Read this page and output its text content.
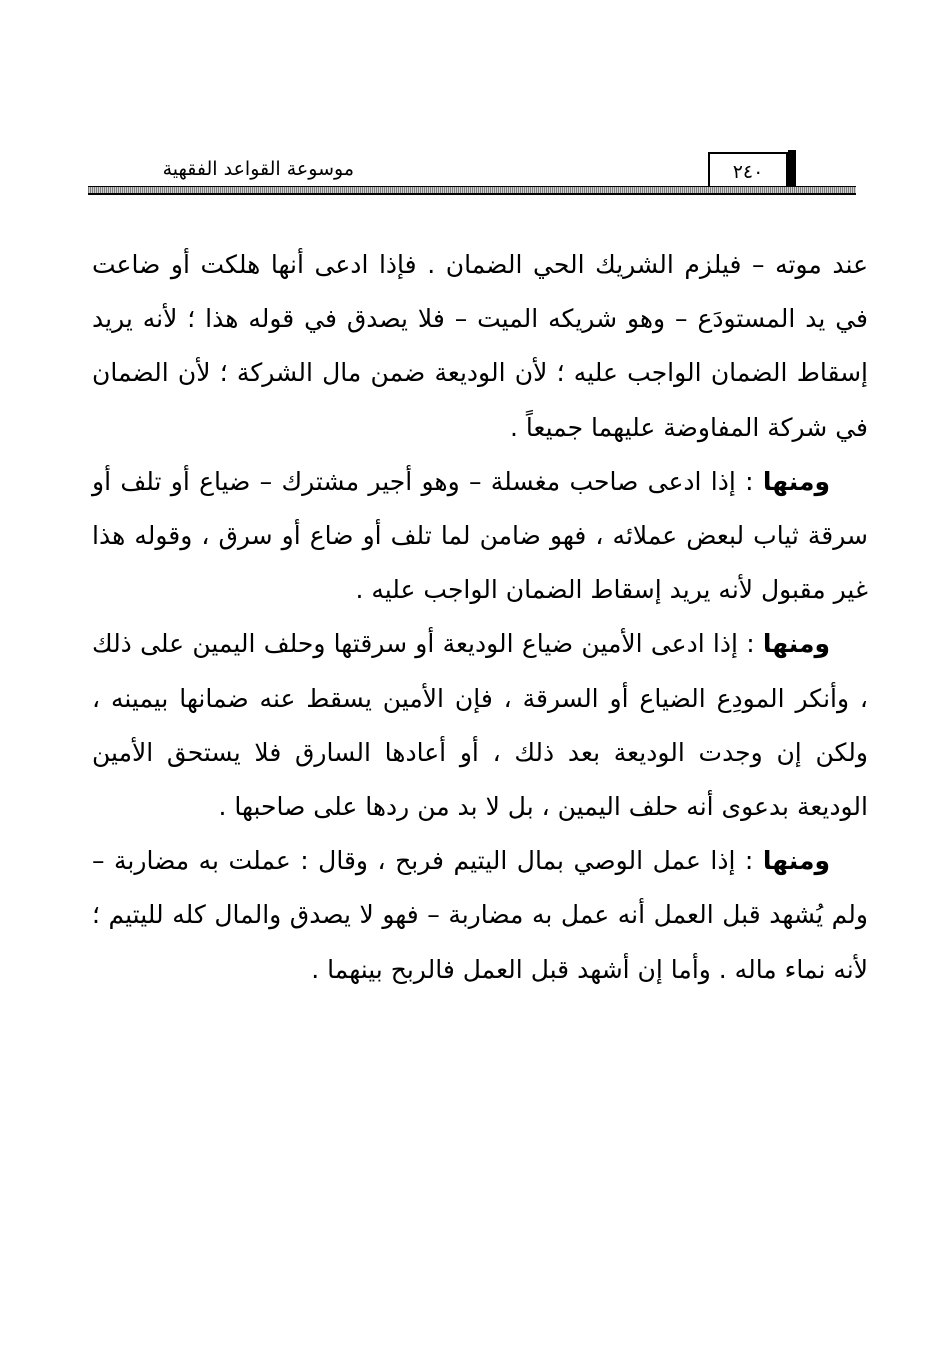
٢٤٠
موسوعة القواعد الفقهية

عند موته – فيلزم الشريك الحي الضمان . فإذا ادعى أنها هلكت أو ضاعت في يد المستودَع – وهو شريكه الميت – فلا يصدق في قوله هذا ؛ لأنه يريد إسقاط الضمان الواجب عليه ؛ لأن الوديعة ضمن مال الشركة ؛ لأن الضمان في شركة المفاوضة عليهما جميعاً .

ومنها : إذا ادعى صاحب مغسلة – وهو أجير مشترك – ضياع أو تلف أو سرقة ثياب لبعض عملائه ، فهو ضامن لما تلف أو ضاع أو سرق ، وقوله هذا غير مقبول لأنه يريد إسقاط الضمان الواجب عليه .

ومنها : إذا ادعى الأمين ضياع الوديعة أو سرقتها وحلف اليمين على ذلك ، وأنكر المودِع الضياع أو السرقة ، فإن الأمين يسقط عنه ضمانها بيمينه ، ولكن إن وجدت الوديعة بعد ذلك ، أو أعادها السارق فلا يستحق الأمين الوديعة بدعوى أنه حلف اليمين ، بل لا بد من ردها على صاحبها .

ومنها : إذا عمل الوصي بمال اليتيم فربح ، وقال : عملت به مضاربة – ولم يُشهد قبل العمل أنه عمل به مضاربة – فهو لا يصدق والمال كله لليتيم ؛ لأنه نماء ماله . وأما إن أشهد قبل العمل فالربح بينهما .
